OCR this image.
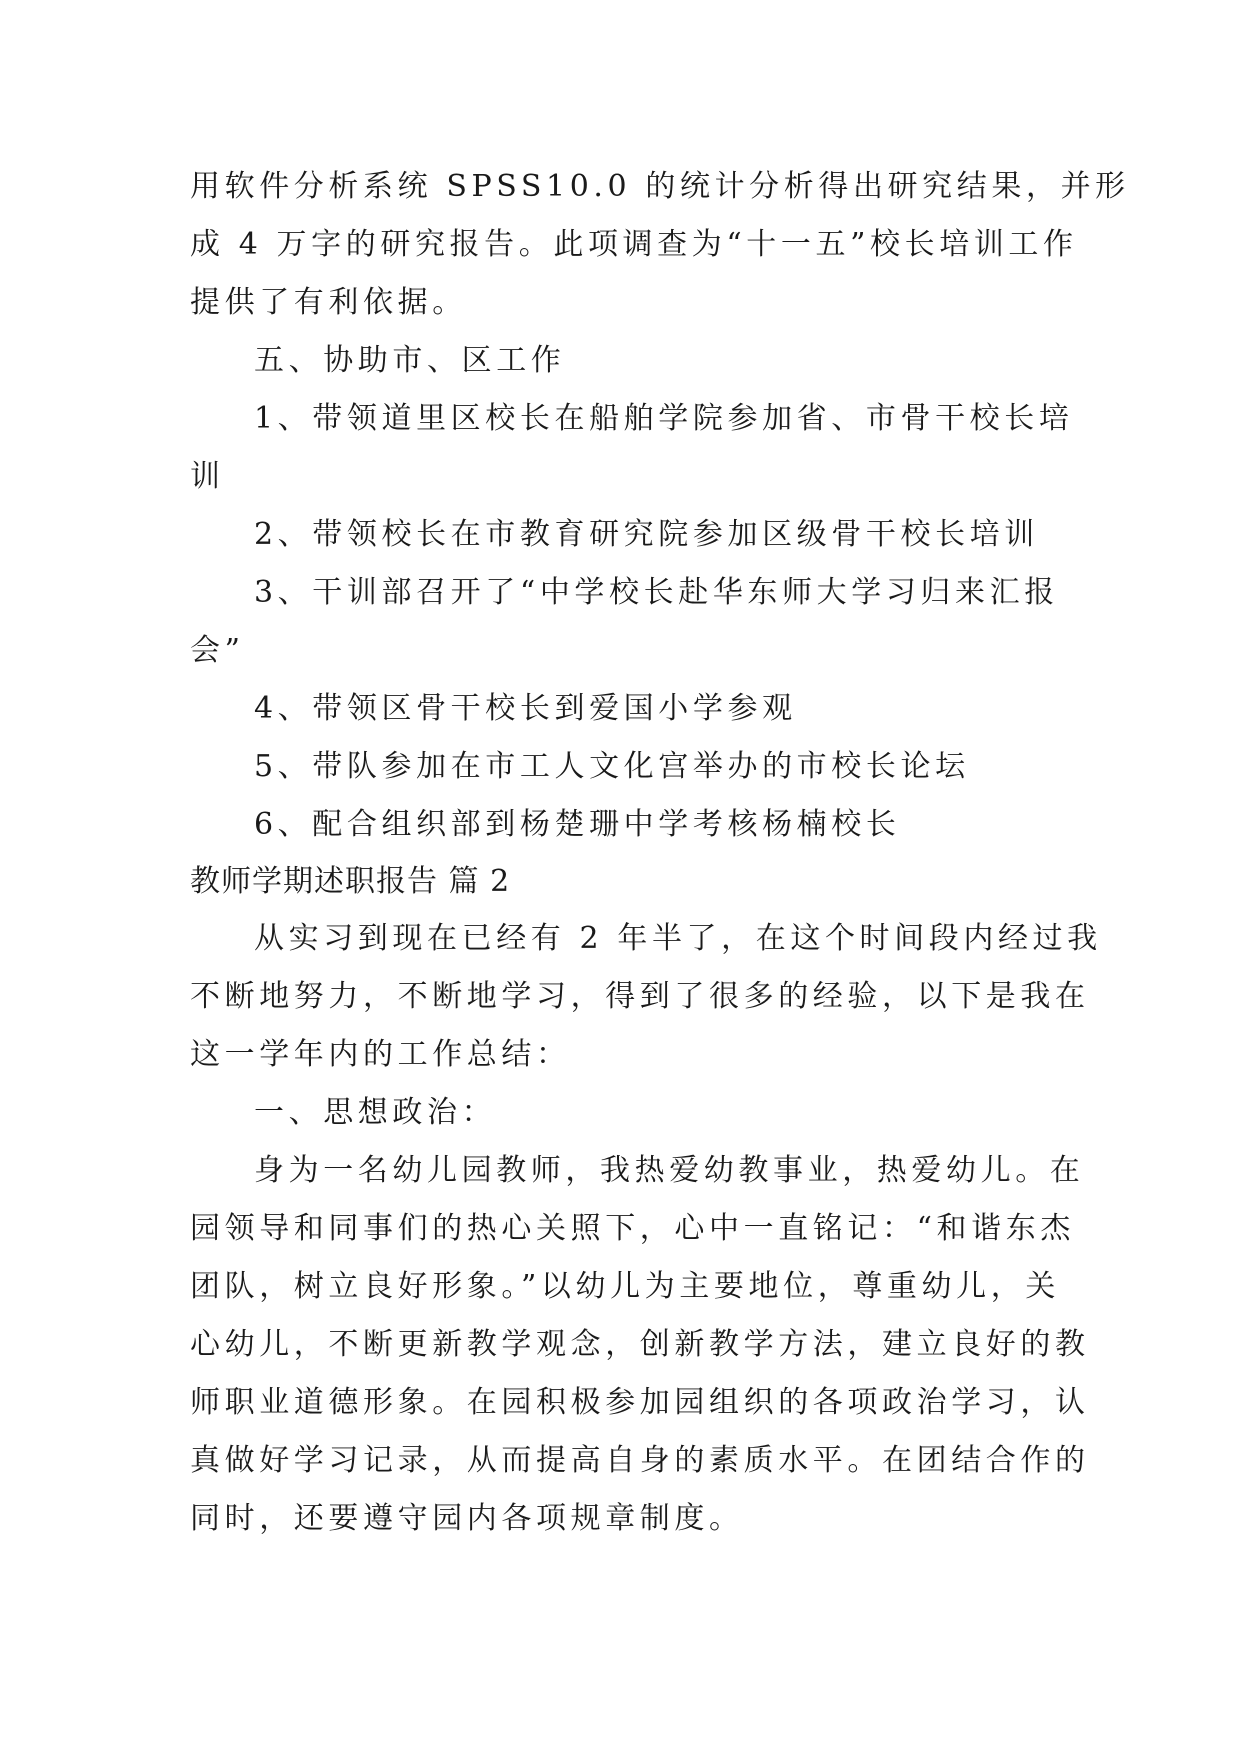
用软件分析系统 SPSS10.0 的统计分析得出研究结果，并形
成 4 万字的研究报告。此项调查为“十一五”校长培训工作
提供了有利依据。
五、协助市、区工作
1、带领道里区校长在船舶学院参加省、市骨干校长培
训
2、带领校长在市教育研究院参加区级骨干校长培训
3、干训部召开了“中学校长赴华东师大学习归来汇报
会”
4、带领区骨干校长到爱国小学参观
5、带队参加在市工人文化宫举办的市校长论坛
6、配合组织部到杨楚珊中学考核杨楠校长
教师学期述职报告 篇 2
从实习到现在已经有 2 年半了，在这个时间段内经过我
不断地努力，不断地学习，得到了很多的经验，以下是我在
这一学年内的工作总结：
一、思想政治：
身为一名幼儿园教师，我热爱幼教事业，热爱幼儿。在
园领导和同事们的热心关照下，心中一直铭记：“和谐东杰
团队，树立良好形象。”以幼儿为主要地位，尊重幼儿，关
心幼儿，不断更新教学观念，创新教学方法，建立良好的教
师职业道德形象。在园积极参加园组织的各项政治学习，认
真做好学习记录，从而提高自身的素质水平。在团结合作的
同时，还要遵守园内各项规章制度。
